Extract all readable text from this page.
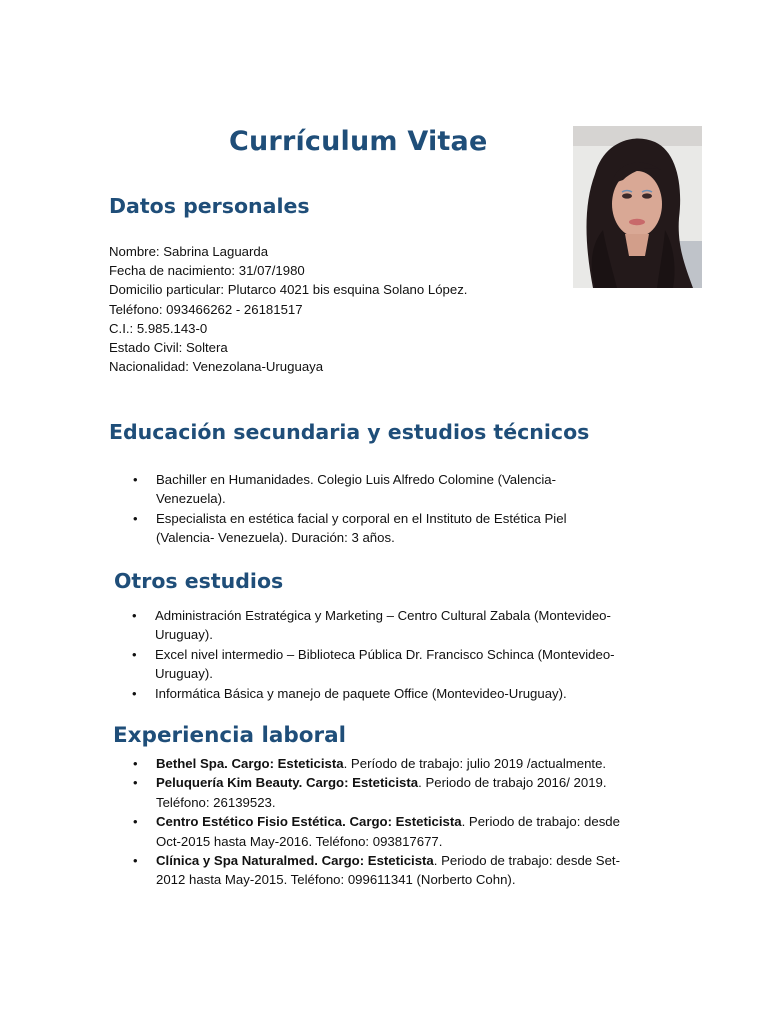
Currículum Vitae
Datos personales
Nombre: Sabrina Laguarda
Fecha de nacimiento: 31/07/1980
Domicilio particular: Plutarco 4021 bis esquina Solano López.
Teléfono: 093466262 - 26181517
C.I.: 5.985.143-0
Estado Civil: Soltera
Nacionalidad: Venezolana-Uruguaya
Educación secundaria y estudios técnicos
• Bachiller en Humanidades. Colegio Luis Alfredo Colomine (Valencia-Venezuela).
• Especialista en estética facial y corporal en el Instituto de Estética Piel (Valencia- Venezuela). Duración: 3 años.
Otros estudios
• Administración Estratégica y Marketing – Centro Cultural Zabala (Montevideo-Uruguay).
• Excel nivel intermedio – Biblioteca Pública Dr. Francisco Schinca (Montevideo-Uruguay).
• Informática Básica y manejo de paquete Office (Montevideo-Uruguay).
Experiencia laboral
• Bethel Spa. Cargo: Esteticista. Período de trabajo: julio 2019 /actualmente.
• Peluquería Kim Beauty. Cargo: Esteticista. Periodo de trabajo 2016/ 2019. Teléfono: 26139523.
• Centro Estético Fisio Estética. Cargo: Esteticista. Periodo de trabajo: desde Oct-2015 hasta May-2016. Teléfono: 093817677.
• Clínica y Spa Naturalmed. Cargo: Esteticista. Periodo de trabajo: desde Set-2012 hasta May-2015. Teléfono: 099611341 (Norberto Cohn).
